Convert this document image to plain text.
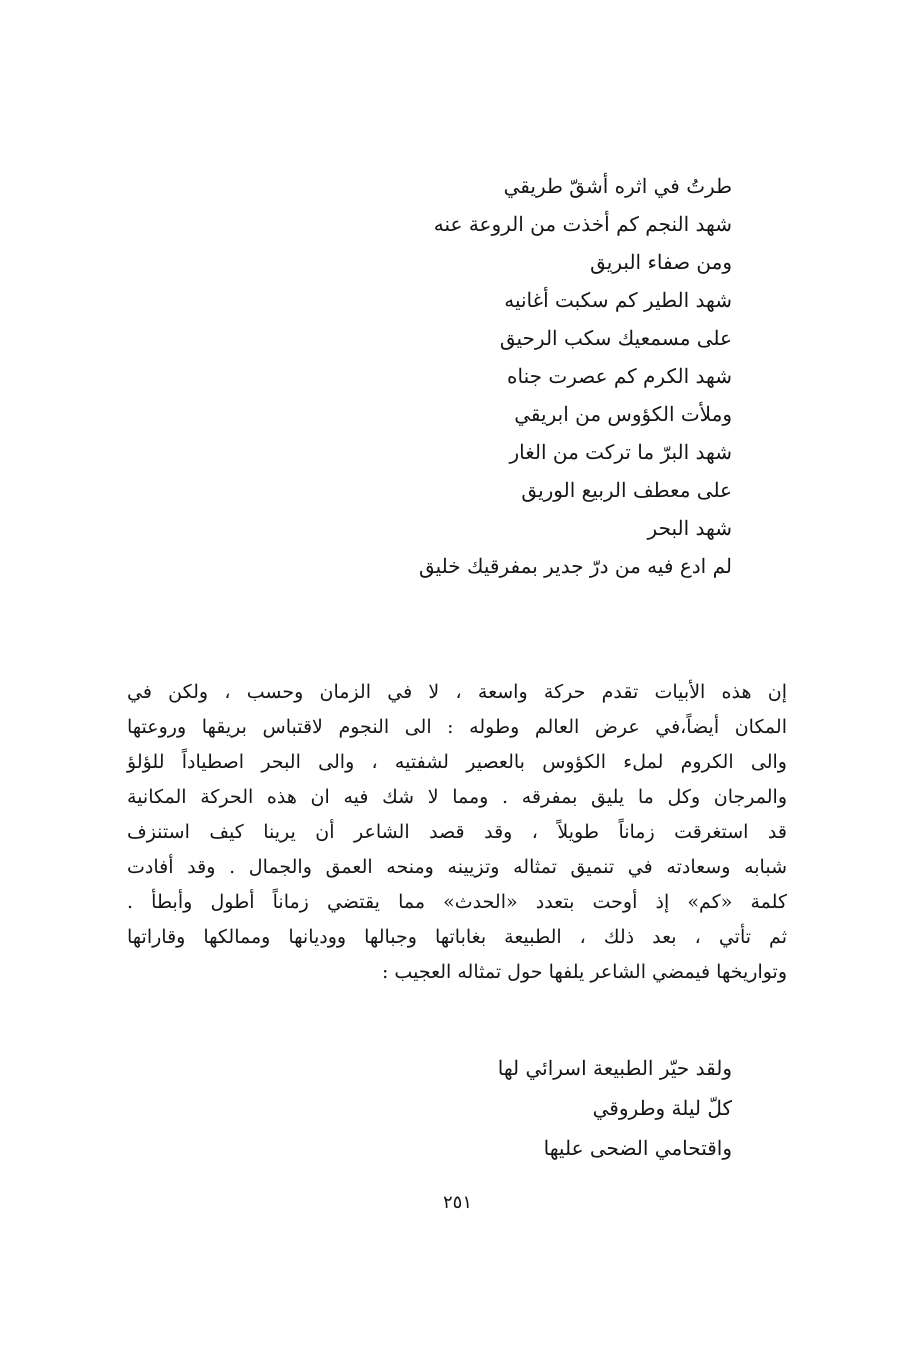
طرتُ في اثره أشقّ طريقي
شهد النجم كم أخذت من الروعة عنه
ومن صفاء البريق
شهد الطير كم سكبت أغانيه
على مسمعيك سكب الرحيق
شهد الكرم كم عصرت جناه
وملأت الكؤوس من ابريقي
شهد البرّ ما تركت من الغار
على معطف الربيع الوريق
شهد البحر
لم ادع فيه من درّ جدير بمفرقيك خليق
إن هذه الأبيات تقدم حركة واسعة ، لا في الزمان وحسب ، ولكن في
المكان أيضاً،في عرض العالم وطوله : الى النجوم لاقتباس بريقها وروعتها
والى الكروم لملء الكؤوس بالعصير لشفتيه ، والى البحر اصطياداً للؤلؤ
والمرجان وكل ما يليق بمفرقه . ومما لا شك فيه ان هذه الحركة المكانية
قد استغرقت زماناً طويلاً ، وقد قصد الشاعر أن يرينا كيف استنزف
شبابه وسعادته في تنميق تمثاله وتزيينه ومنحه العمق والجمال . وقد أفادت
كلمة «كم» إذ أوحت بتعدد «الحدث» مما يقتضي زماناً أطول وأبطأ .
ثم تأتي ، بعد ذلك ، الطبيعة بغاباتها وجبالها ووديانها وممالكها وقاراتها
وتواريخها فيمضي الشاعر يلفها حول تمثاله العجيب :
ولقد حيّر الطبيعة اسرائي لها
كلّ ليلة وطروقي
واقتحامي الضحى عليها
٢٥١
